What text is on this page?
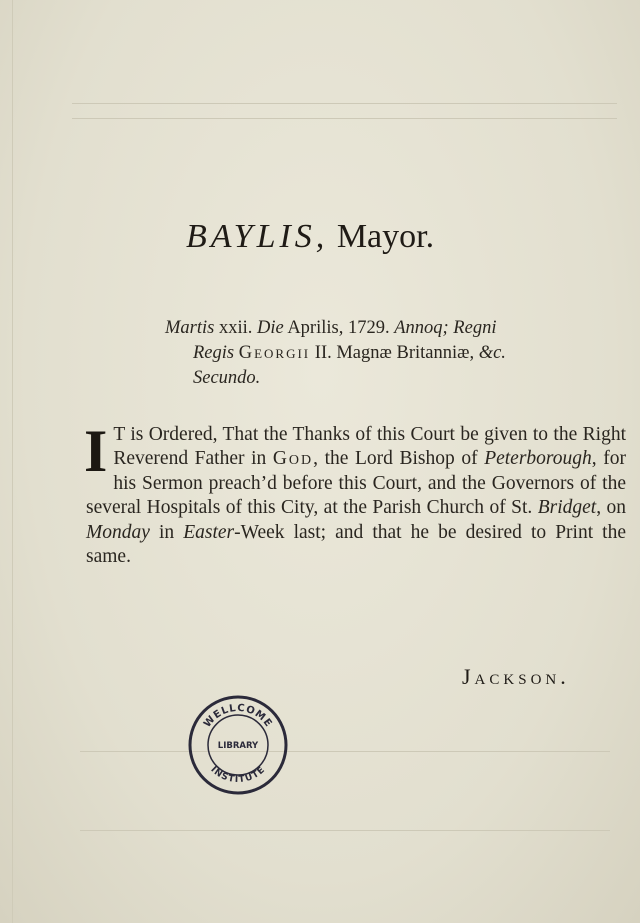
BAYLIS, Mayor.
Martis xxii. Die Aprilis, 1729. Annoq; Regni
Regis Georgii II. Magnæ Britanniæ, &c.
Secundo.
I T is Ordered, That the Thanks of this Court be given to the Right Reverend Father in God, the Lord Bishop of Peterborough, for his Sermon preach’d before this Court, and the Governors of the several Hospitals of this City, at the Parish Church of St. Bridget, on Monday in Easter-Week last; and that he be desired to Print the same.
Jackson.
WELLCOME
LIBRARY
INSTITUTE
